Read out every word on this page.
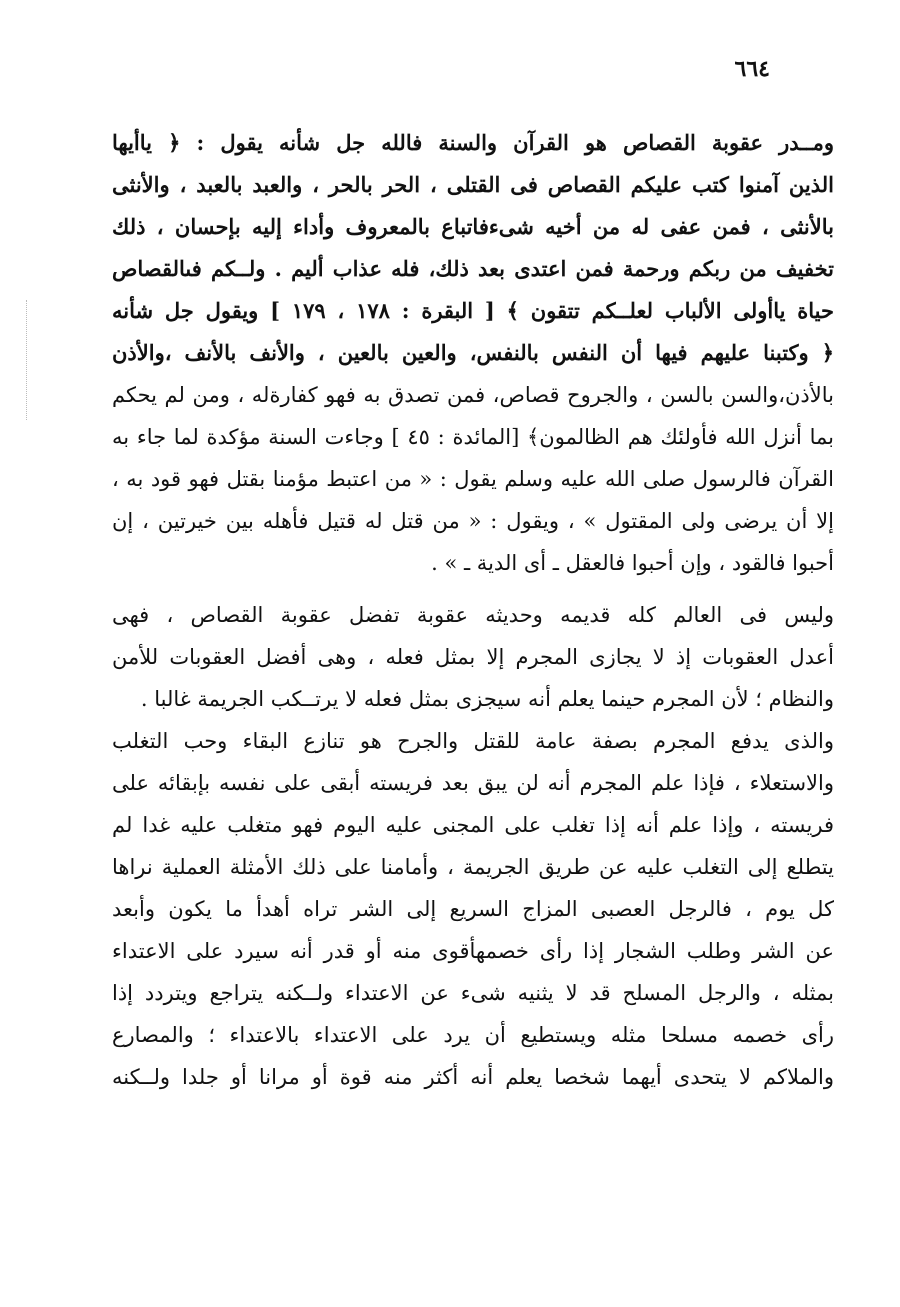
٦٦٤
ومــدر عقوبة القصاص هو القرآن والسنة فالله جل شأنه يقول : ﴿ ياأيها
الذين آمنوا كتب عليكم القصاص فى القتلى ، الحر بالحر ، والعبد بالعبد ، والأنثى
بالأنثى ، فمن عفى له من أخيه شىءفاتباع بالمعروف وأداء إليه بإحسان ، ذلك
تخفيف من ربكم ورحمة فمن اعتدى بعد ذلك، فله عذاب أليم . ولــكم فىالقصاص
حياة ياأولى الألباب لعلــكم تتقون ﴾ [ البقرة : ١٧٨ ، ١٧٩ ] ويقول جل شأنه
﴿ وكتبنا عليهم فيها أن النفس بالنفس، والعين بالعين ، والأنف بالأنف ،والأذن
بالأذن،والسن بالسن ، والجروح قصاص، فمن تصدق به فهو كفارةله ، ومن لم يحكم
بما أنزل الله فأولئك هم الظالمون﴾ [المائدة : ٤٥ ] وجاءت السنة مؤكدة لما جاء به
القرآن فالرسول صلى الله عليه وسلم يقول : « من اعتبط مؤمنا بقتل فهو قود به ،
إلا أن يرضى ولى المقتول » ، ويقول : « من قتل له قتيل فأهله بين خيرتين ، إن
أحبوا فالقود ، وإن أحبوا فالعقل ـ أى الدية ـ » .
وليس فى العالم كله قديمه وحديثه عقوبة تفضل عقوبة القصاص ، فهى
أعدل العقوبات إذ لا يجازى المجرم إلا بمثل فعله ، وهى أفضل العقوبات للأمن
والنظام ؛ لأن المجرم حينما يعلم أنه سيجزى بمثل فعله لا يرتــكب الجريمة غالبا .
والذى يدفع المجرم بصفة عامة للقتل والجرح هو تنازع البقاء وحب التغلب
والاستعلاء ، فإذا علم المجرم أنه لن يبق بعد فريسته أبقى على نفسه بإبقائه على
فريسته ، وإذا علم أنه إذا تغلب على المجنى عليه اليوم فهو متغلب عليه غدا لم
يتطلع إلى التغلب عليه عن طريق الجريمة ، وأمامنا على ذلك الأمثلة العملية نراها
كل يوم ، فالرجل العصبى المزاج السريع إلى الشر تراه أهدأ ما يكون وأبعد
عن الشر وطلب الشجار إذا رأى خصمهأقوى منه أو قدر أنه سيرد على الاعتداء
بمثله ، والرجل المسلح قد لا يثنيه شىء عن الاعتداء ولــكنه يتراجع ويتردد إذا
رأى خصمه مسلحا مثله ويستطيع أن يرد على الاعتداء بالاعتداء ؛ والمصارع
والملاكم لا يتحدى أيهما شخصا يعلم أنه أكثر منه قوة أو مرانا أو جلدا ولــكنه
